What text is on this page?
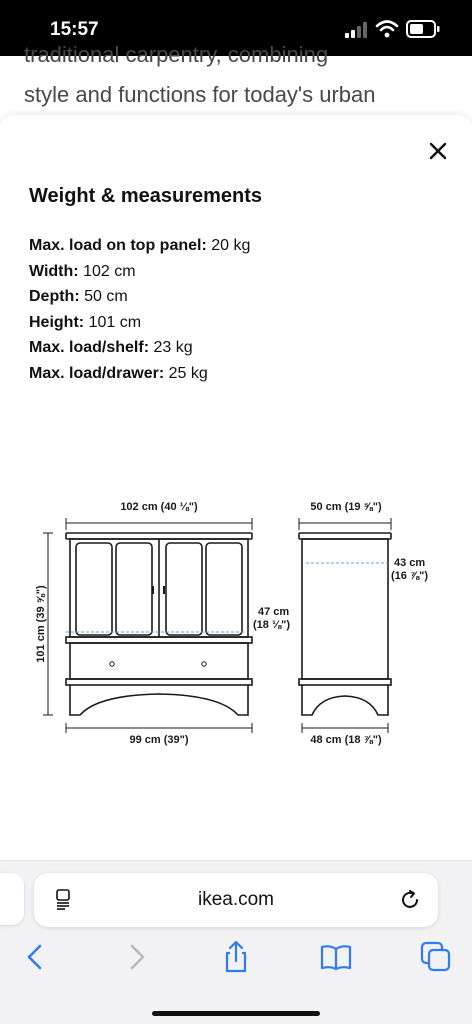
15:57
traditional carpentry, combining
style and functions for today's urban
Weight & measurements
Max. load on top panel: 20 kg
Width: 102 cm
Depth: 50 cm
Height: 101 cm
Max. load/shelf: 23 kg
Max. load/drawer: 25 kg
102 cm (40 ⅛")
101 cm (39 ⅝")	47 cm
(18 ⅛")
99 cm (39")
50 cm (19 ⅝")
43 cm
(16 ⅞")
48 cm (18 ⅞")
ikea.com
